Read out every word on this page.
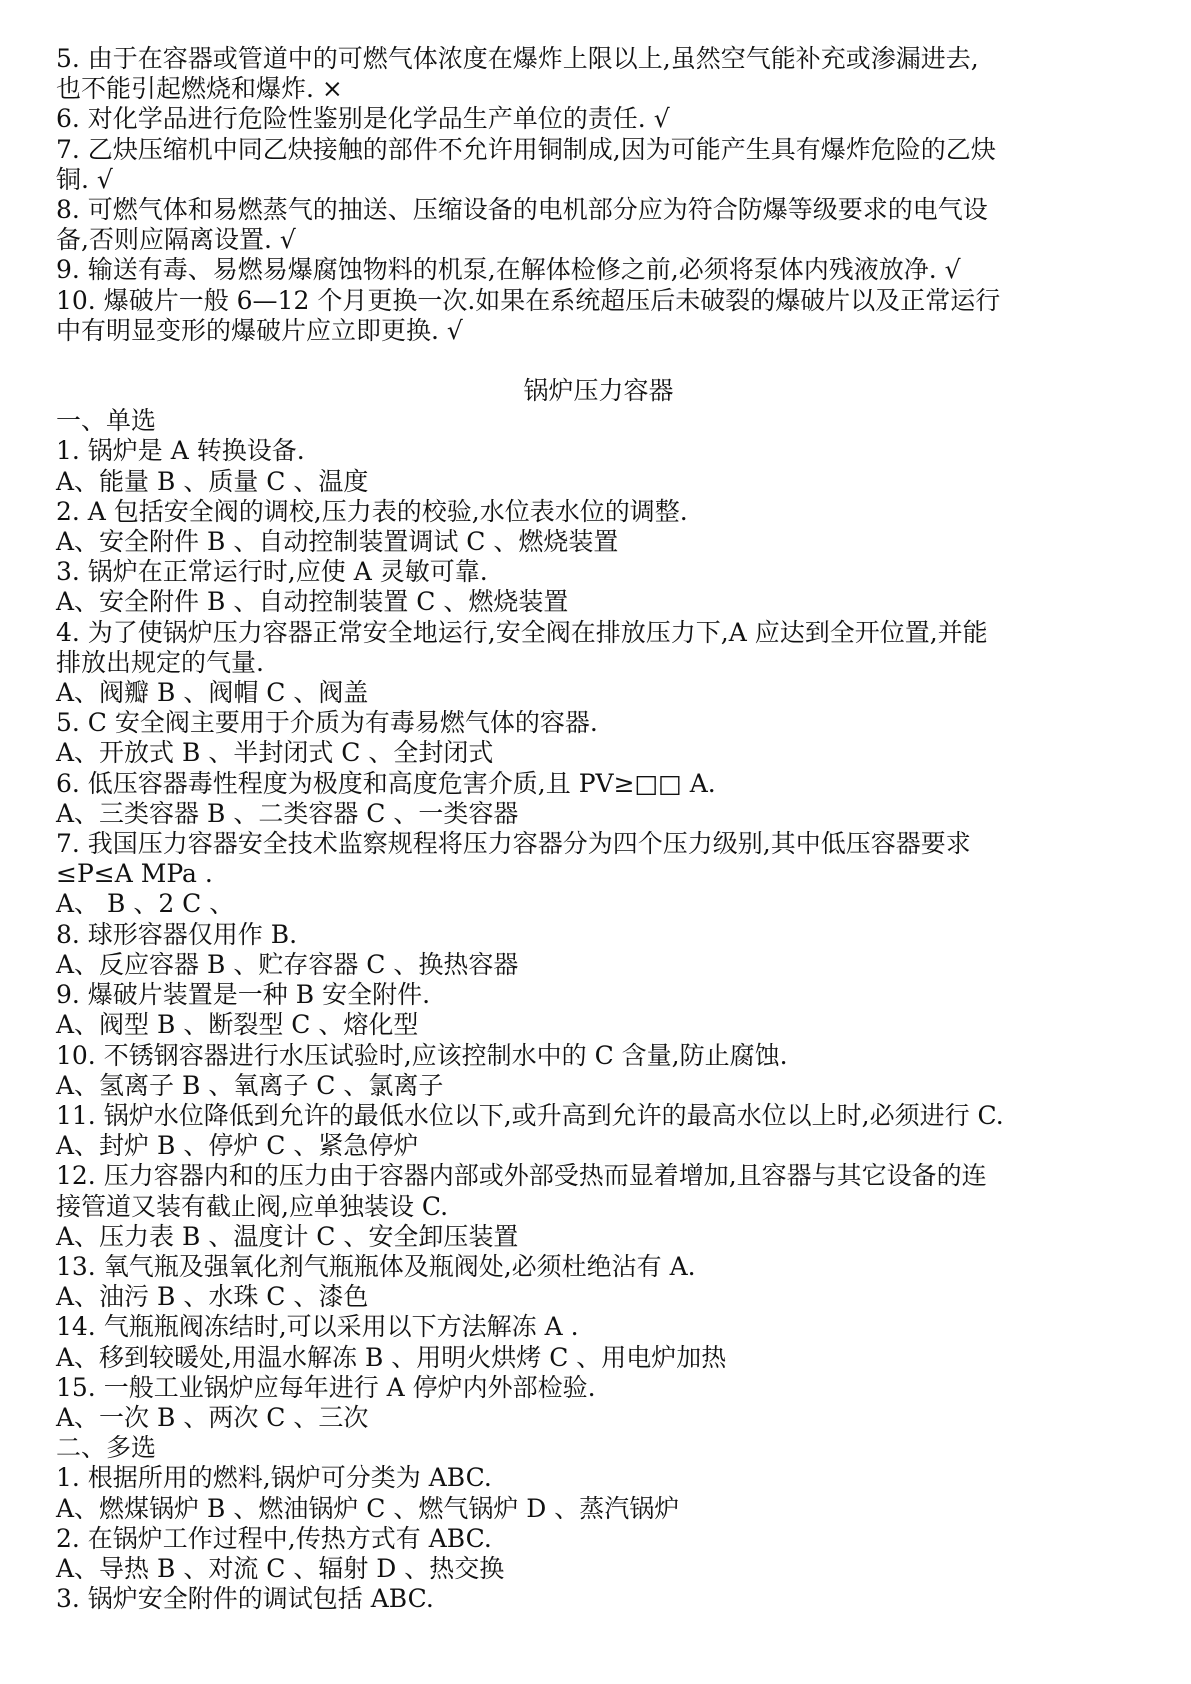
5. 由于在容器或管道中的可燃气体浓度在爆炸上限以上,虽然空气能补充或渗漏进去,

也不能引起燃烧和爆炸. ×

6. 对化学品进行危险性鉴别是化学品生产单位的责任. √

7. 乙炔压缩机中同乙炔接触的部件不允许用铜制成,因为可能产生具有爆炸危险的乙炔

铜. √

8. 可燃气体和易燃蒸气的抽送、压缩设备的电机部分应为符合防爆等级要求的电气设

备,否则应隔离设置. √

9. 输送有毒、易燃易爆腐蚀物料的机泵,在解体检修之前,必须将泵体内残液放净. √

10. 爆破片一般 6—12 个月更换一次.如果在系统超压后未破裂的爆破片以及正常运行

中有明显变形的爆破片应立即更换. √

锅炉压力容器

一、单选

1. 锅炉是 A 转换设备.

A、能量 B 、质量 C 、温度

2. A 包括安全阀的调校,压力表的校验,水位表水位的调整.

A、安全附件 B 、自动控制装置调试 C 、燃烧装置

3. 锅炉在正常运行时,应使 A 灵敏可靠.

A、安全附件 B 、自动控制装置 C 、燃烧装置

4. 为了使锅炉压力容器正常安全地运行,安全阀在排放压力下,A 应达到全开位置,并能

排放出规定的气量.

A、阀瓣 B 、阀帽 C 、阀盖

5. C 安全阀主要用于介质为有毒易燃气体的容器.

A、开放式 B 、半封闭式 C 、全封闭式

6. 低压容器毒性程度为极度和高度危害介质,且 PV≥□□ A.

A、三类容器 B 、二类容器 C 、一类容器

7. 我国压力容器安全技术监察规程将压力容器分为四个压力级别,其中低压容器要求

≤P≤A MPa .

A、 B 、2 C 、

8. 球形容器仅用作 B.

A、反应容器 B 、贮存容器 C 、换热容器

9. 爆破片装置是一种 B 安全附件.

A、阀型 B 、断裂型 C 、熔化型

10. 不锈钢容器进行水压试验时,应该控制水中的 C 含量,防止腐蚀.

A、氢离子 B 、氧离子 C 、氯离子

11. 锅炉水位降低到允许的最低水位以下,或升高到允许的最高水位以上时,必须进行 C.

A、封炉 B 、停炉 C 、紧急停炉

12. 压力容器内和的压力由于容器内部或外部受热而显着增加,且容器与其它设备的连

接管道又装有截止阀,应单独装设 C.

A、压力表 B 、温度计 C 、安全卸压装置

13. 氧气瓶及强氧化剂气瓶瓶体及瓶阀处,必须杜绝沾有 A.

A、油污 B 、水珠 C 、漆色

14. 气瓶瓶阀冻结时,可以采用以下方法解冻 A .

A、移到较暖处,用温水解冻 B 、用明火烘烤 C 、用电炉加热

15. 一般工业锅炉应每年进行 A 停炉内外部检验.

A、一次 B 、两次 C 、三次

二、多选

1. 根据所用的燃料,锅炉可分类为 ABC.

A、燃煤锅炉 B 、燃油锅炉 C 、燃气锅炉 D 、蒸汽锅炉

2. 在锅炉工作过程中,传热方式有 ABC.

A、导热 B 、对流 C 、辐射 D 、热交换

3. 锅炉安全附件的调试包括 ABC.
